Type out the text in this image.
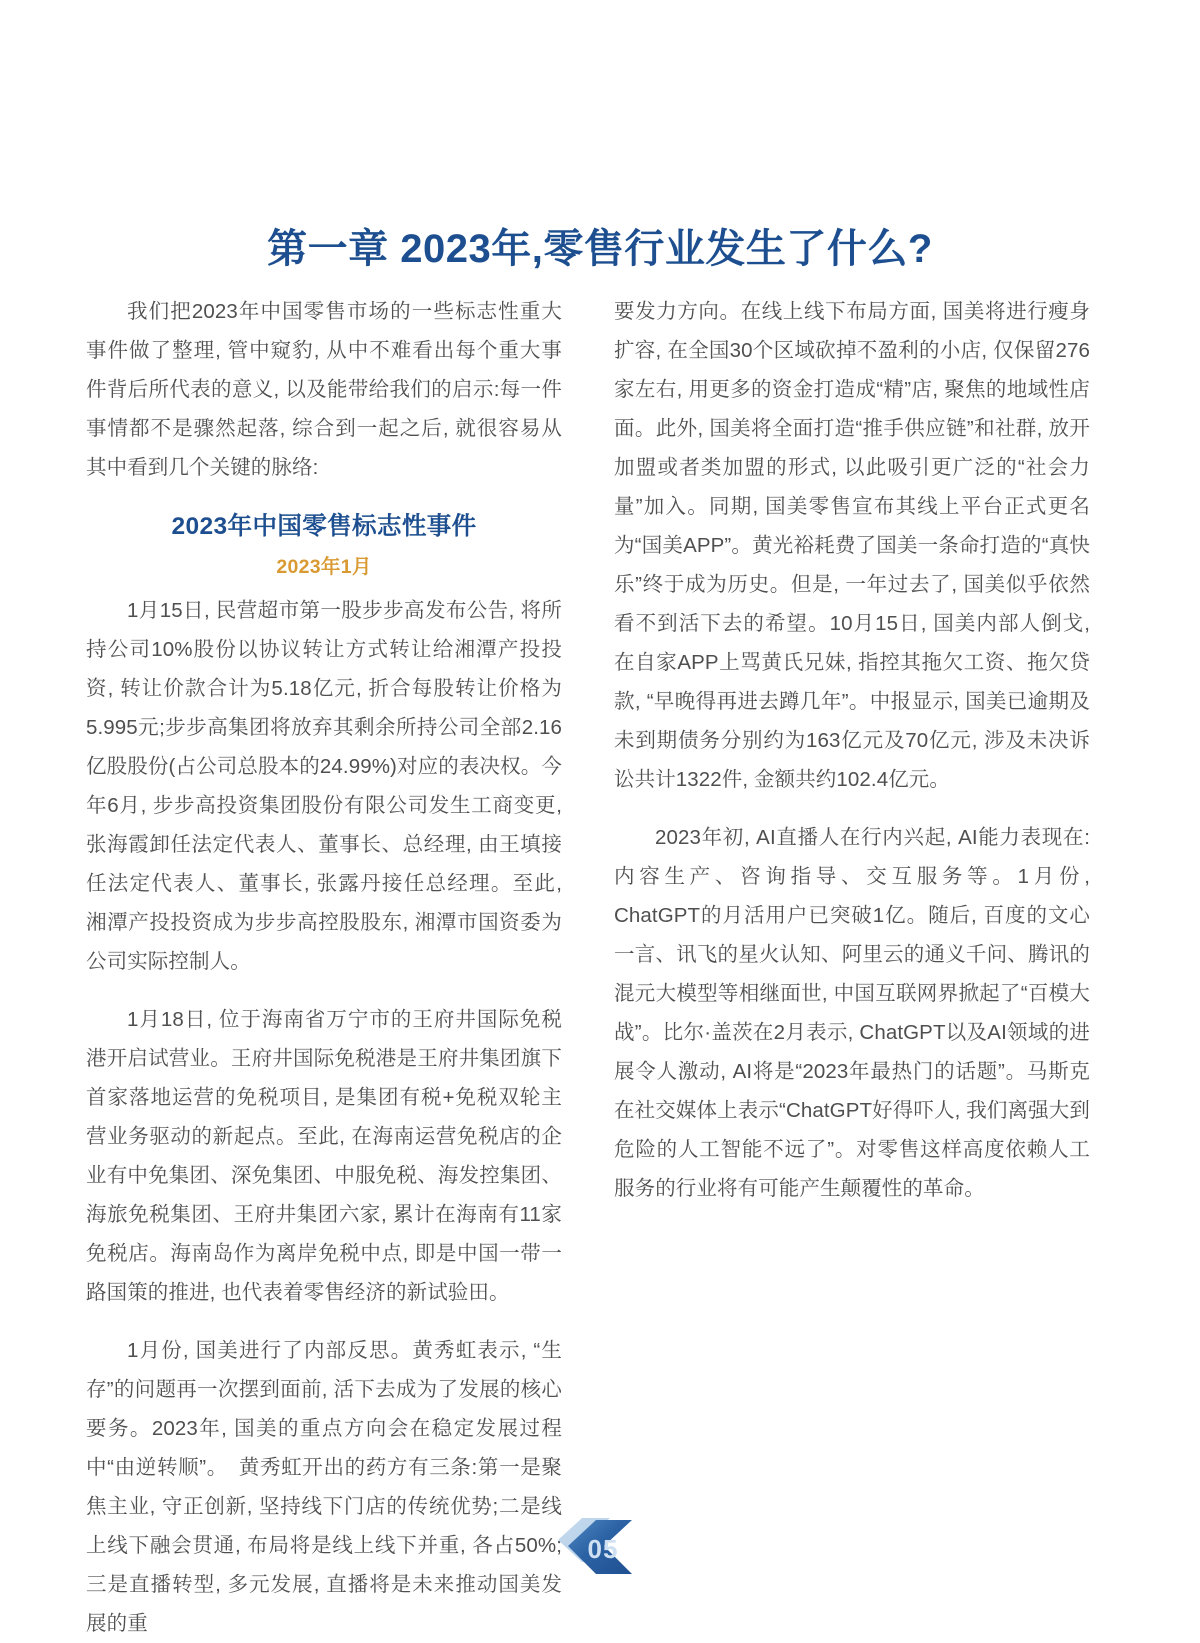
第一章 2023年,零售行业发生了什么?

我们把2023年中国零售市场的一些标志性重大事件做了整理, 管中窥豹, 从中不难看出每个重大事件背后所代表的意义, 以及能带给我们的启示:每一件事情都不是骤然起落, 综合到一起之后, 就很容易从其中看到几个关键的脉络:

2023年中国零售标志性事件
2023年1月

1月15日, 民营超市第一股步步高发布公告, 将所持公司10%股份以协议转让方式转让给湘潭产投投资, 转让价款合计为5.18亿元, 折合每股转让价格为5.995元;步步高集团将放弃其剩余所持公司全部2.16亿股股份(占公司总股本的24.99%)对应的表决权。今年6月, 步步高投资集团股份有限公司发生工商变更, 张海霞卸任法定代表人、董事长、总经理, 由王填接任法定代表人、董事长, 张露丹接任总经理。至此, 湘潭产投投资成为步步高控股股东, 湘潭市国资委为公司实际控制人。

1月18日, 位于海南省万宁市的王府井国际免税港开启试营业。王府井国际免税港是王府井集团旗下首家落地运营的免税项目, 是集团有税+免税双轮主营业务驱动的新起点。至此, 在海南运营免税店的企业有中免集团、深免集团、中服免税、海发控集团、海旅免税集团、王府井集团六家, 累计在海南有11家免税店。海南岛作为离岸免税中点, 即是中国一带一路国策的推进, 也代表着零售经济的新试验田。

1月份, 国美进行了内部反思。黄秀虹表示, “生存”的问题再一次摆到面前, 活下去成为了发展的核心要务。2023年, 国美的重点方向会在稳定发展过程中“由逆转顺”。　黄秀虹开出的药方有三条:第一是聚焦主业, 守正创新, 坚持线下门店的传统优势;二是线上线下融会贯通, 布局将是线上线下并重, 各占50%;三是直播转型, 多元发展, 直播将是未来推动国美发展的重

要发力方向。在线上线下布局方面, 国美将进行瘦身扩容, 在全国30个区域砍掉不盈利的小店, 仅保留276家左右, 用更多的资金打造成“精”店, 聚焦的地域性店面。此外, 国美将全面打造“推手供应链”和社群, 放开加盟或者类加盟的形式, 以此吸引更广泛的“社会力量”加入。同期, 国美零售宣布其线上平台正式更名为“国美APP”。黄光裕耗费了国美一条命打造的“真快乐”终于成为历史。但是, 一年过去了, 国美似乎依然看不到活下去的希望。10月15日, 国美内部人倒戈, 在自家APP上骂黄氏兄妹, 指控其拖欠工资、拖欠贷款, “早晚得再进去蹲几年”。中报显示, 国美已逾期及未到期债务分别约为163亿元及70亿元, 涉及未决诉讼共计1322件, 金额共约102.4亿元。

2023年初, AI直播人在行内兴起, AI能力表现在:内容生产、咨询指导、交互服务等。1月份, ChatGPT的月活用户已突破1亿。随后, 百度的文心一言、讯飞的星火认知、阿里云的通义千问、腾讯的混元大模型等相继面世, 中国互联网界掀起了“百模大战”。比尔·盖茨在2月表示, ChatGPT以及AI领域的进展令人激动, AI将是“2023年最热门的话题”。马斯克在社交媒体上表示“ChatGPT好得吓人, 我们离强大到危险的人工智能不远了”。对零售这样高度依赖人工服务的行业将有可能产生颠覆性的革命。

05
